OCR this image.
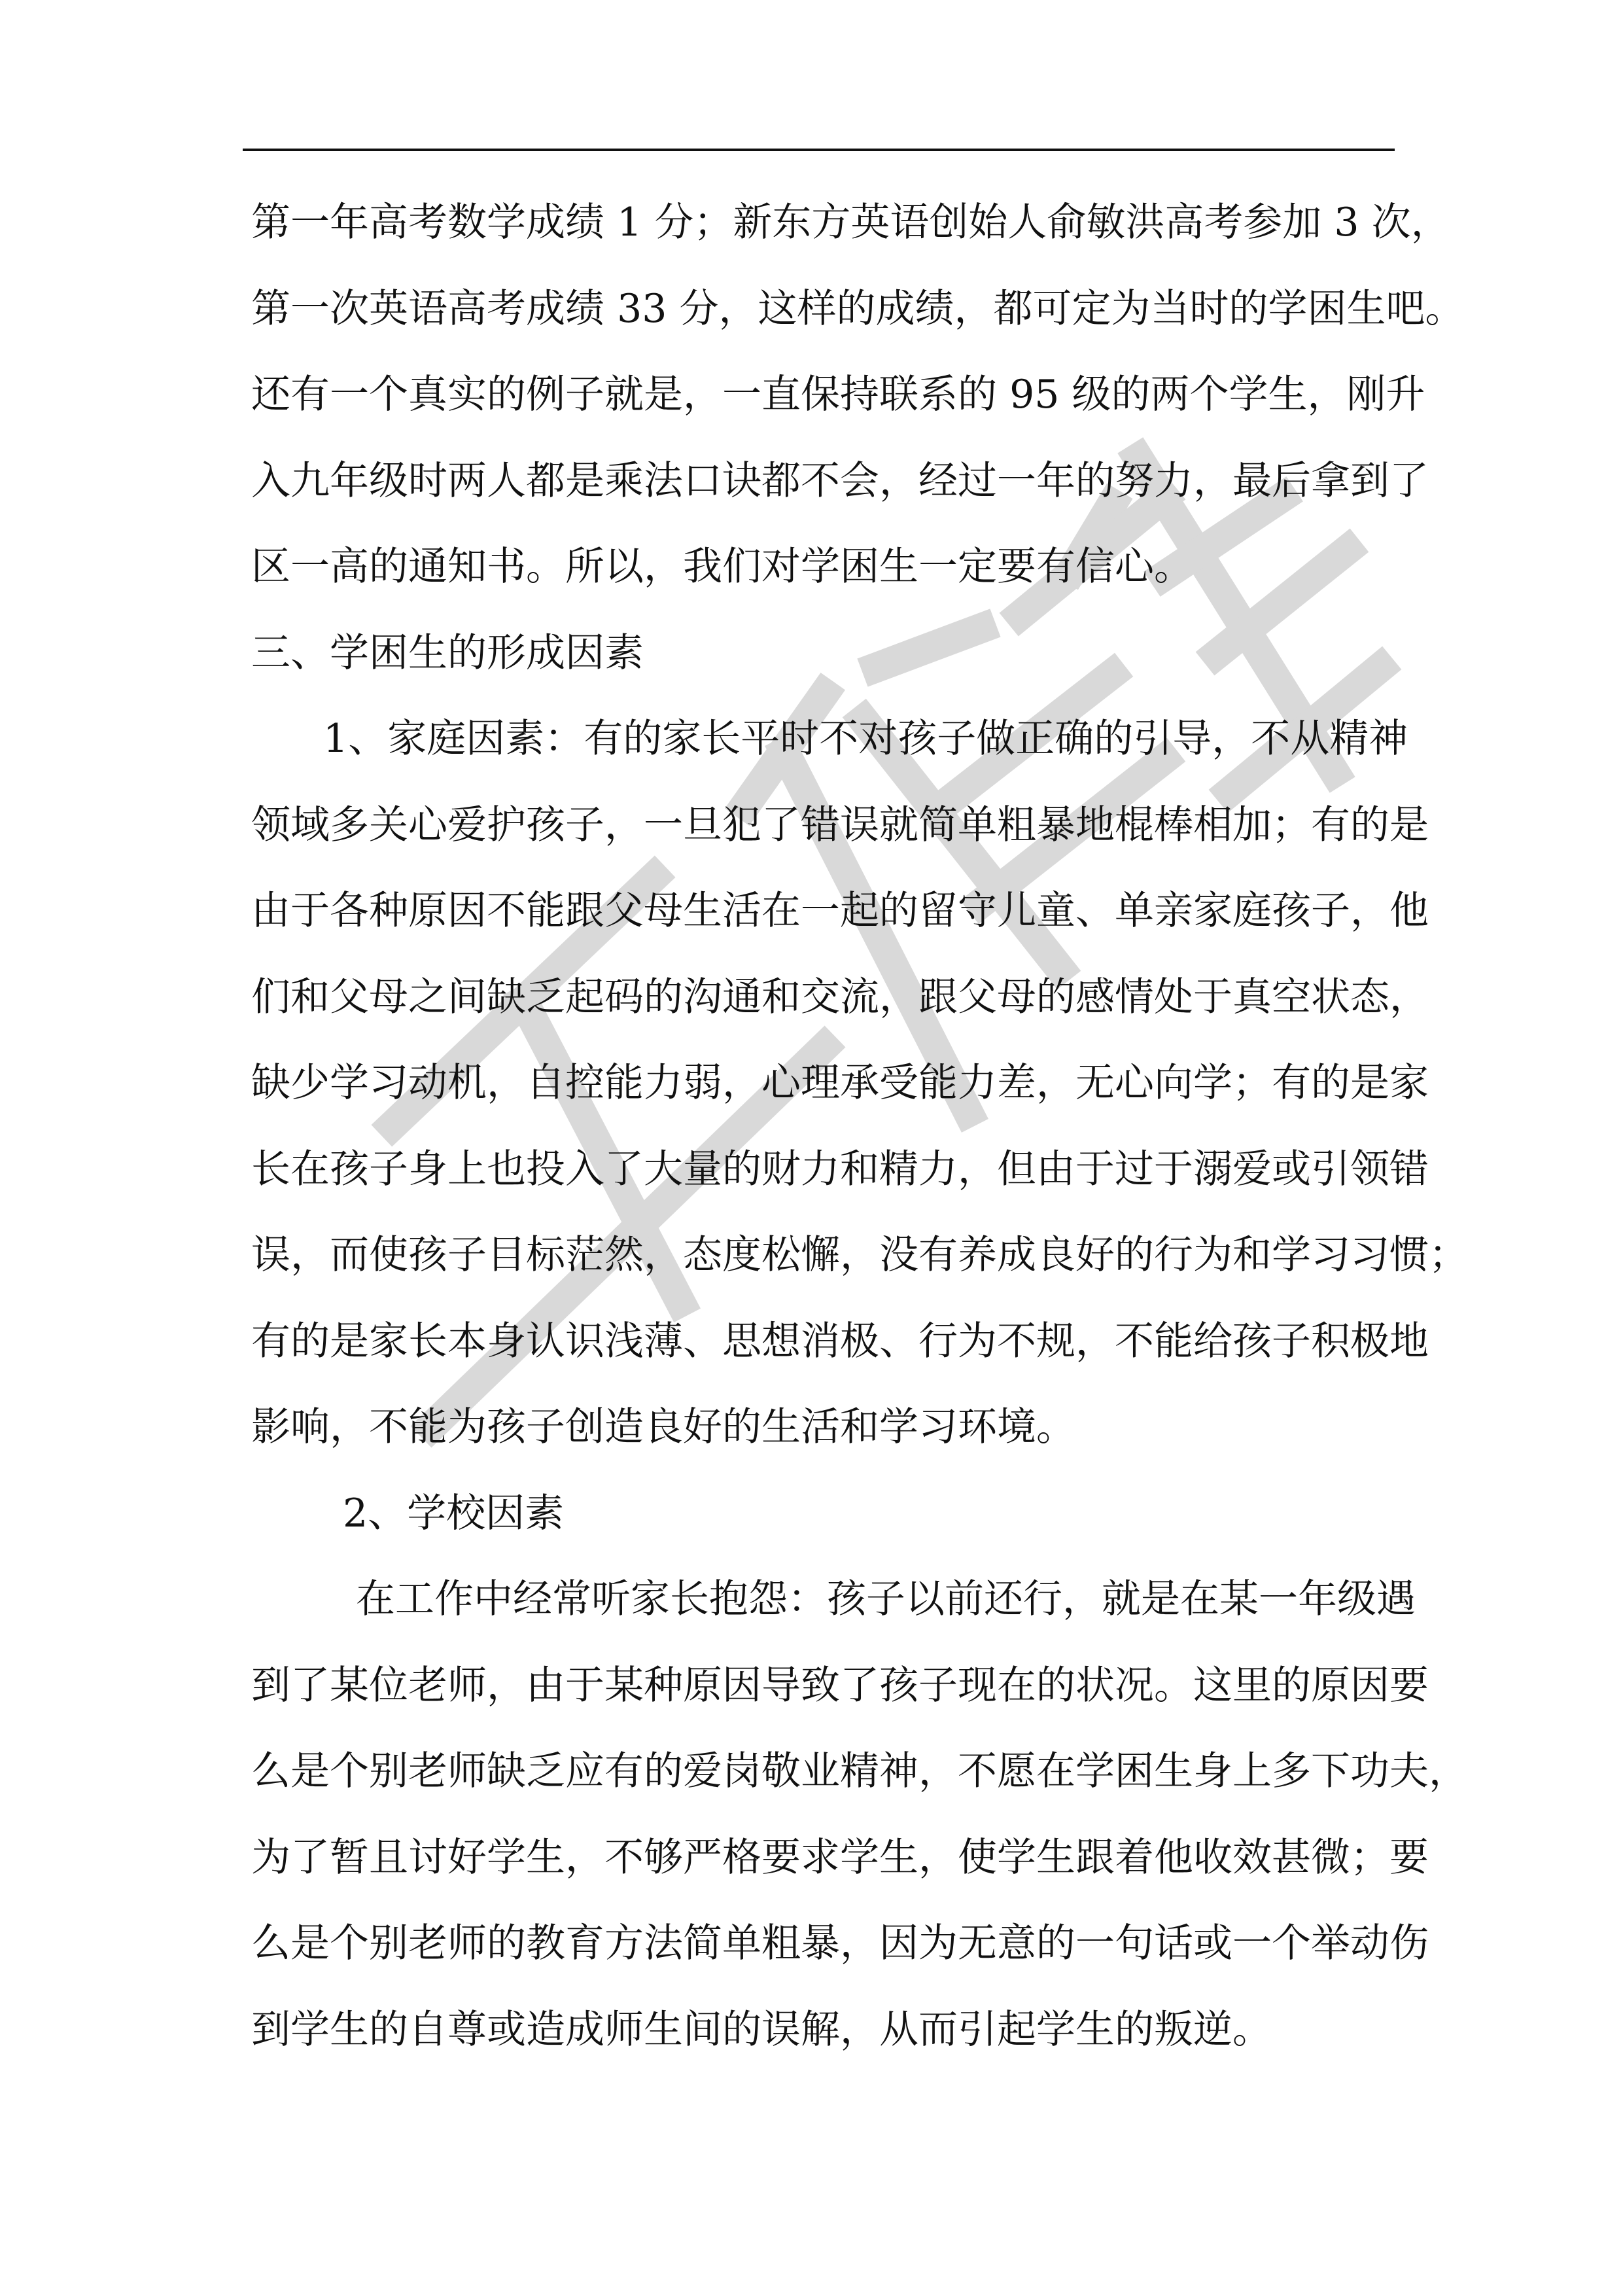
第 一 年 高 考 数 学 成 绩
1
分 ； 新 东 方 英 语 创 始 人 俞 敏 洪 高 考 参 加
3
次 ，
第 一 次 英 语 高 考 成 绩
3 3
分 ， 这 样 的 成 绩 ， 都 可 定 为 当 时 的 学 困 生 吧 。
还 有 一 个 真 实 的 例 子 就 是 ， 一 直 保 持 联 系 的
9 5
级 的 两 个 学 生 ， 刚 升
入 九 年 级 时 两 人 都 是 乘 法 口 诀 都 不 会 ， 经 过 一 年 的 努 力 ， 最 后 拿 到 了
区一高的通知书。所以，我们对学困生一定要有信心。
三、学困生的形成因素
1 、 家 庭 因 素 ： 有 的 家 长 平 时 不 对 孩 子 做 正 确 的 引 导 ， 不 从 精 神
领 域 多 关 心 爱 护 孩 子 ， 一 旦 犯 了 错 误 就 简 单 粗 暴 地 棍 棒 相 加 ； 有 的 是
由 于 各 种 原 因 不 能 跟 父 母 生 活 在 一 起 的 留 守 儿 童 、 单 亲 家 庭 孩 子 ， 他
们 和 父 母 之 间 缺 乏 起 码 的 沟 通 和 交 流 ， 跟 父 母 的 感 情 处 于 真 空 状 态 ，
缺 少 学 习 动 机 ， 自 控 能 力 弱 ， 心 理 承 受 能 力 差 ， 无 心 向 学 ； 有 的 是 家
长 在 孩 子 身 上 也 投 入 了 大 量 的 财 力 和 精 力 ， 但 由 于 过 于 溺 爱 或 引 领 错
误 ， 而 使 孩 子 目 标 茫 然 ， 态 度 松 懈 ， 没 有 养 成 良 好 的 行 为 和 学 习 习 惯 ；
有 的 是 家 长 本 身 认 识 浅 薄 、 思 想 消 极 、 行 为 不 规 ， 不 能 给 孩 子 积 极 地
影响，不能为孩子创造良好的生活和学习环境。
2、学校因素
在 工 作 中 经 常 听 家 长 抱 怨 ： 孩 子 以 前 还 行 ， 就 是 在 某 一 年 级 遇
到 了 某 位 老 师 ， 由 于 某 种 原 因 导 致 了 孩 子 现 在 的 状 况 。 这 里 的 原 因 要
么 是 个 别 老 师 缺 乏 应 有 的 爱 岗 敬 业 精 神 ， 不 愿 在 学 困 生 身 上 多 下 功 夫 ，
为 了 暂 且 讨 好 学 生 ， 不 够 严 格 要 求 学 生 ， 使 学 生 跟 着 他 收 效 甚 微 ； 要
么 是 个 别 老 师 的 教 育 方 法 简 单 粗 暴 ， 因 为 无 意 的 一 句 话 或 一 个 举 动 伤
到学生的自尊或造成师生间的误解，从而引起学生的叛逆。
